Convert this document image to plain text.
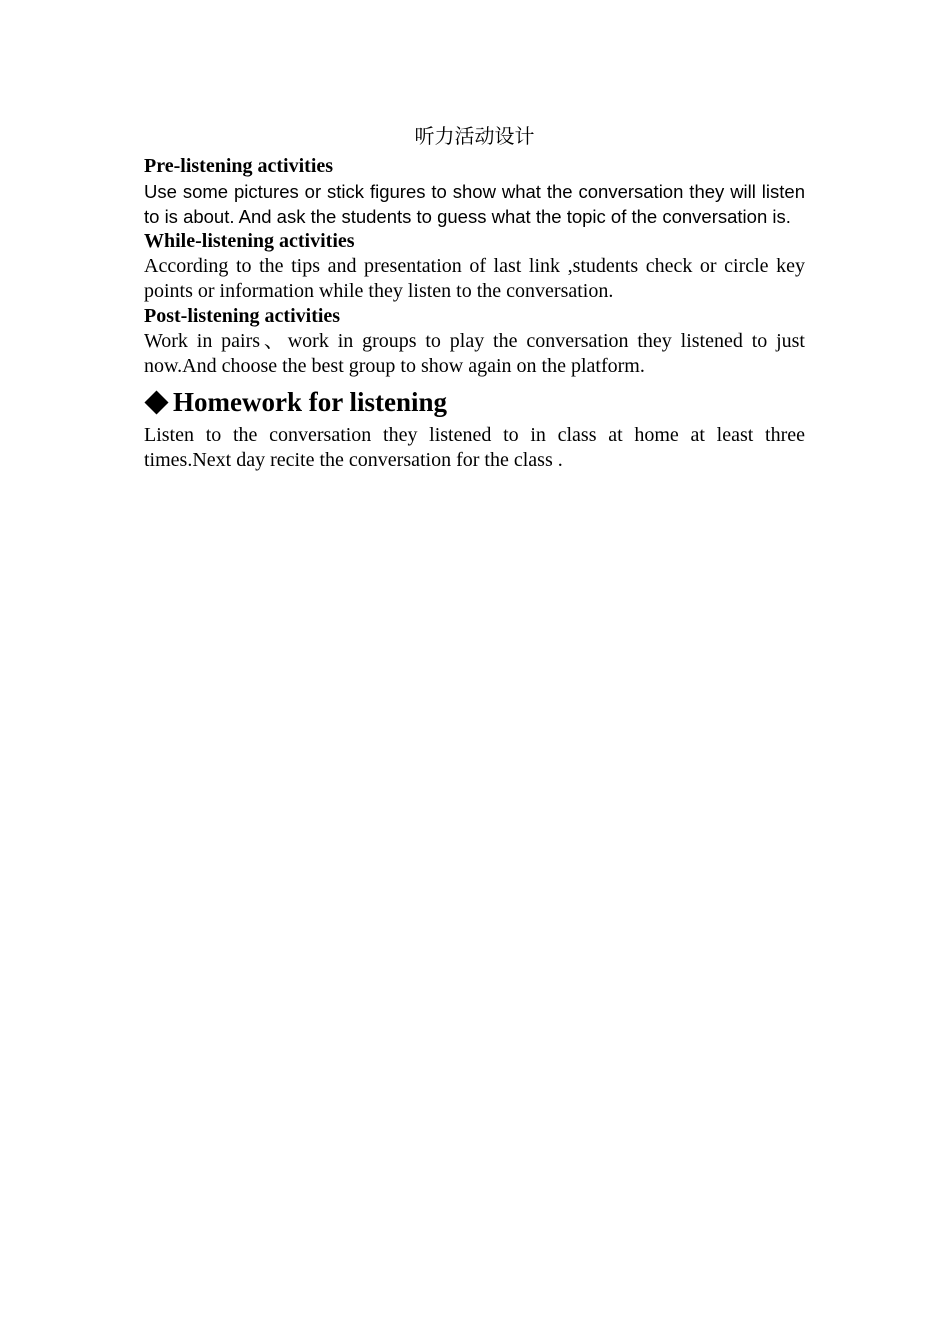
听力活动设计

Pre-listening activities

Use some pictures or stick figures to show what the conversation they will listen to is about. And ask the students to guess what the topic of the conversation is.

While-listening activities

According to the tips and presentation of last link ,students check or circle key points or information while they listen to the conversation.

Post-listening activities

Work in pairs、work in groups to play the conversation they listened to just now.And choose the best group to show again on the platform.

Homework for listening

Listen to the conversation they listened to in class at home at least three times.Next day recite the conversation for the class .
